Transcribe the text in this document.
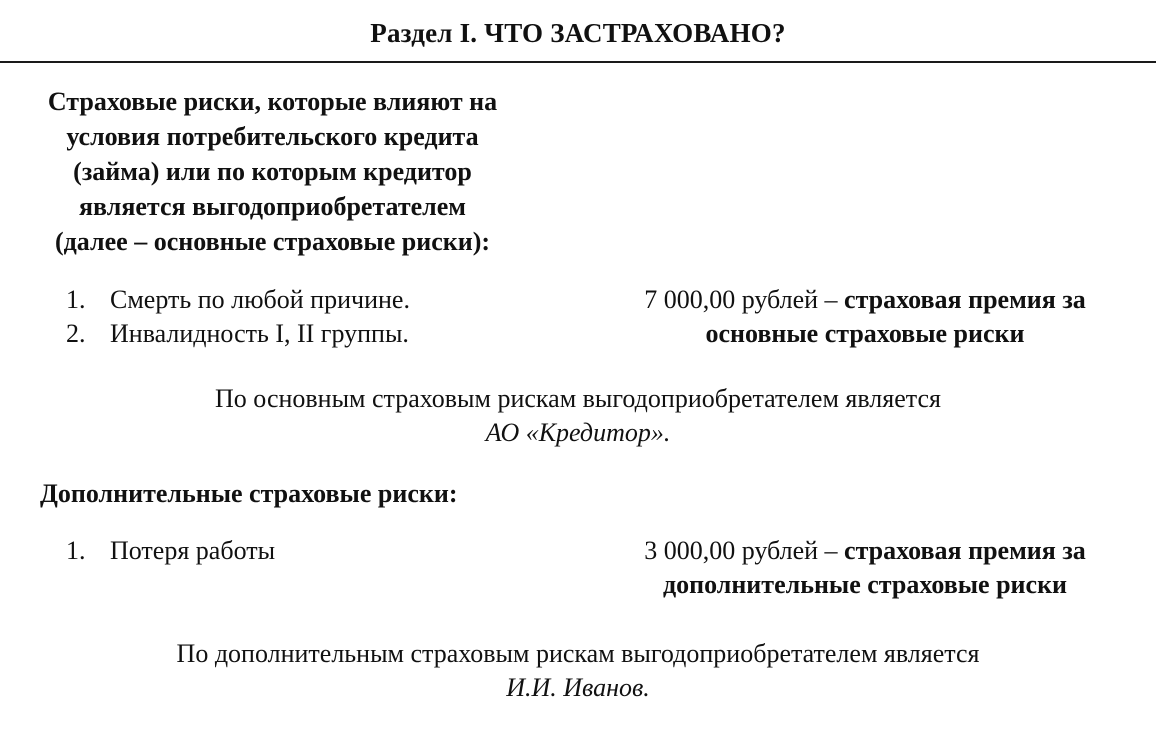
Раздел I. ЧТО ЗАСТРАХОВАНО?
Страховые риски, которые влияют на
условия потребительского кредита
(займа) или по которым кредитор
является выгодоприобретателем
(далее – основные страховые риски):
1. Смерть по любой причине.
2. Инвалидность I, II группы.
7 000,00 рублей – страховая премия за
основные страховые риски
По основным страховым рискам выгодоприобретателем является
АО «Кредитор».
Дополнительные страховые риски:
1. Потеря работы	3 000,00 рублей – страховая премия за
дополнительные страховые риски
По дополнительным страховым рискам выгодоприобретателем является
И.И. Иванов.
